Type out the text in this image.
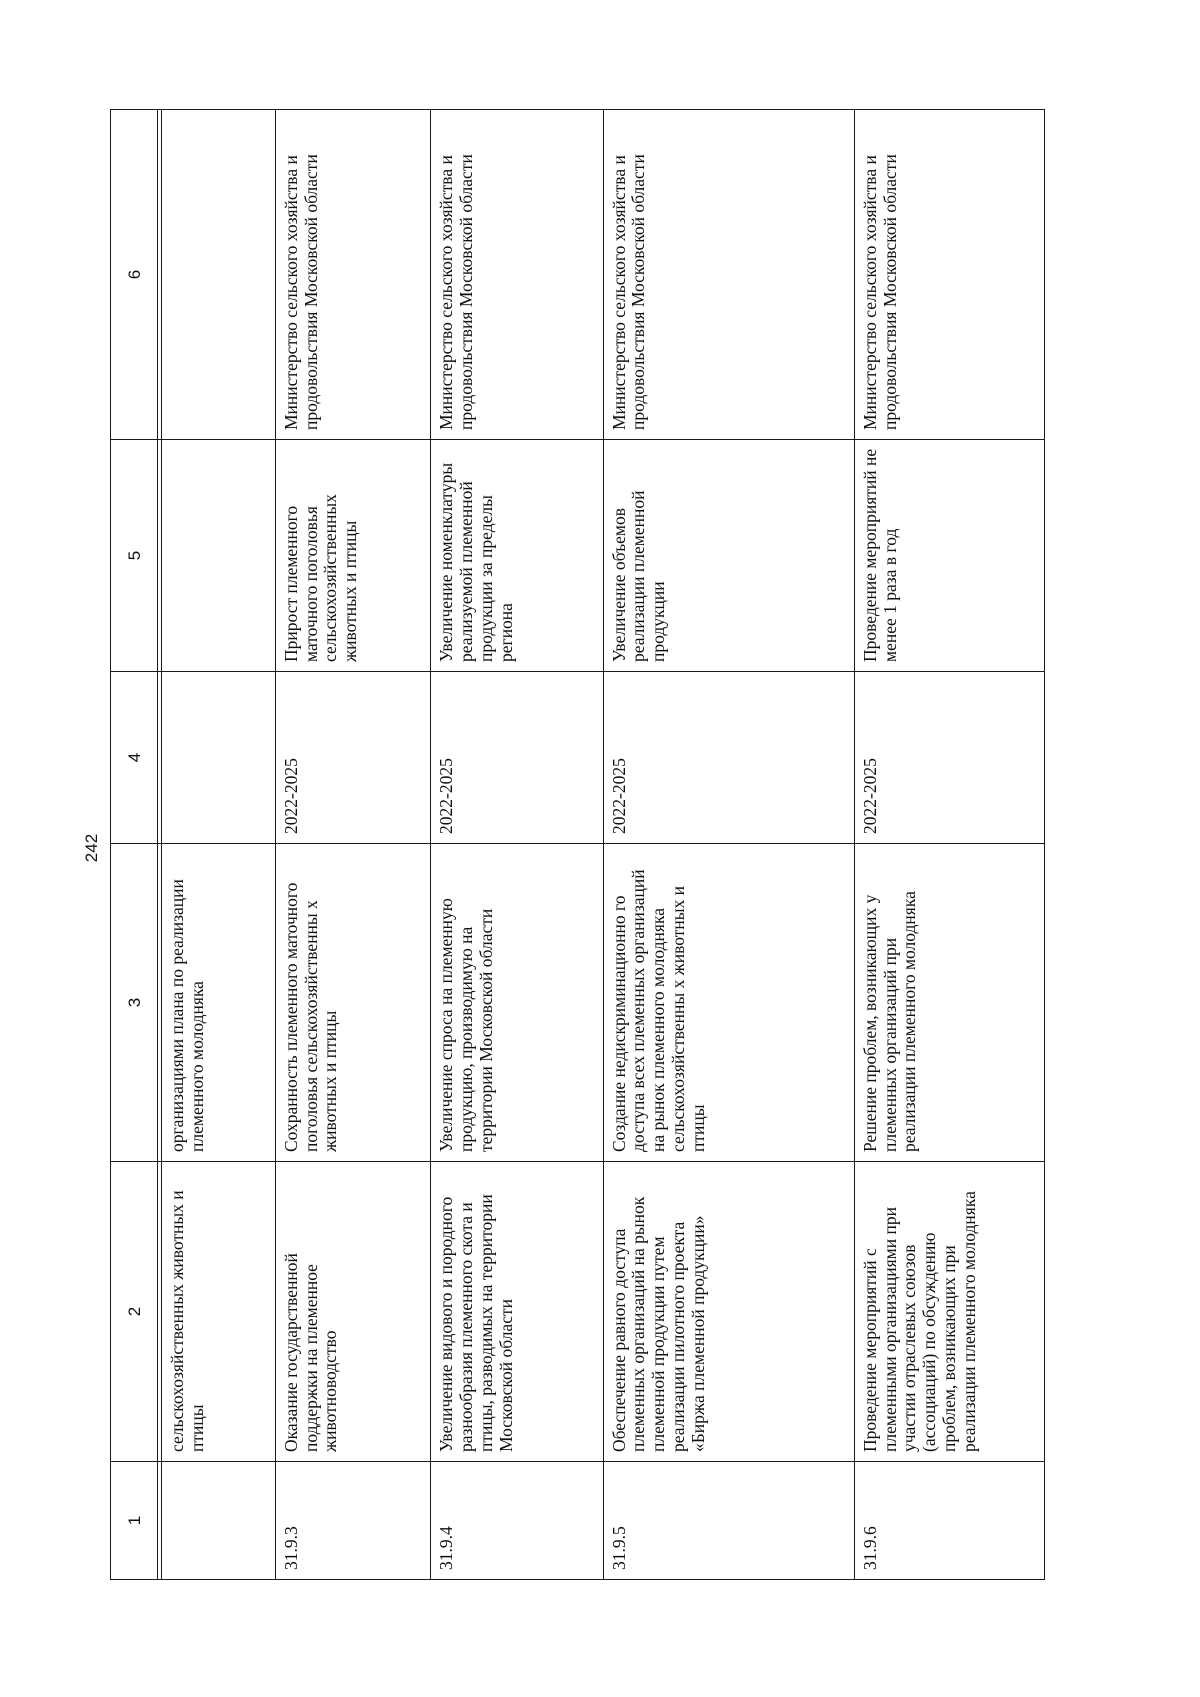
242
1	2	3	4	5	6

	сельскохозяйственных животных и птицы	организациями плана по реализации племенного молодняка			
31.9.3	Оказание государственной поддержки на племенное животноводство	Сохранность племенного маточного поголовья сельскохозяйственны х животных и птицы	2022-2025	Прирост племенного маточного поголовья сельскохозяйственных животных и птицы	Министерство сельского хозяйства и продовольствия Московской области
31.9.4	Увеличение видового и породного разнообразия племенного скота и птицы, разводимых на территории Московской области	Увеличение спроса на племенную продукцию, производимую на территории Московской области	2022-2025	Увеличение номенклатуры реализуемой племенной продукции за пределы региона	Министерство сельского хозяйства и продовольствия Московской области
31.9.5	Обеспечение равного доступа племенных организаций на рынок племенной продукции путем реализации пилотного проекта «Биржа племенной продукции»	Создание недискриминационно го доступа всех племенных организаций на рынок племенного молодняка сельскохозяйственны х животных и птицы	2022-2025	Увеличение объемов реализации племенной продукции	Министерство сельского хозяйства и продовольствия Московской области
31.9.6	Проведение мероприятий с племенными организациями при участии отраслевых союзов (ассоциаций) по обсуждению проблем, возникающих при реализации племенного молодняка	Решение проблем, возникающих у племенных организаций при реализации племенного молодняка	2022-2025	Проведение мероприятий не менее 1 раза в год	Министерство сельского хозяйства и продовольствия Московской области
